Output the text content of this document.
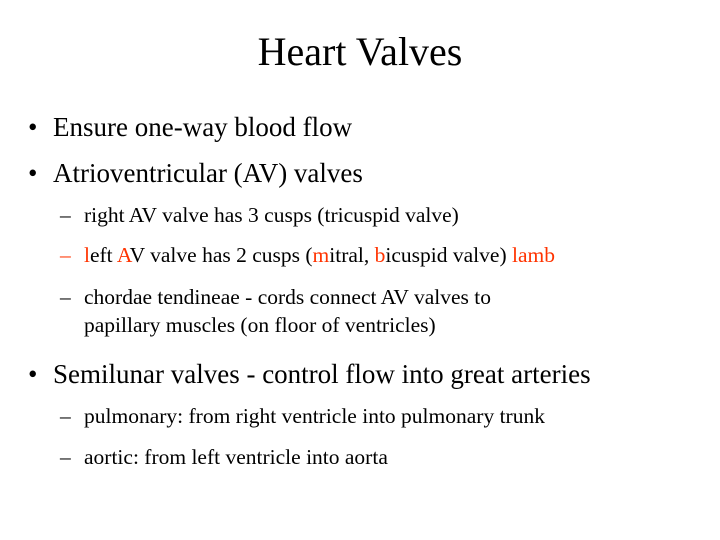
Heart Valves
• Ensure one-way blood flow
• Atrioventricular (AV) valves
– right AV valve has 3 cusps (tricuspid valve)
– left AV valve has 2 cusps (mitral, bicuspid valve) lamb
– chordae tendineae - cords connect AV valves to
papillary muscles (on floor of ventricles)
• Semilunar valves - control flow into great arteries
– pulmonary: from right ventricle into pulmonary trunk
– aortic: from left ventricle into aorta
